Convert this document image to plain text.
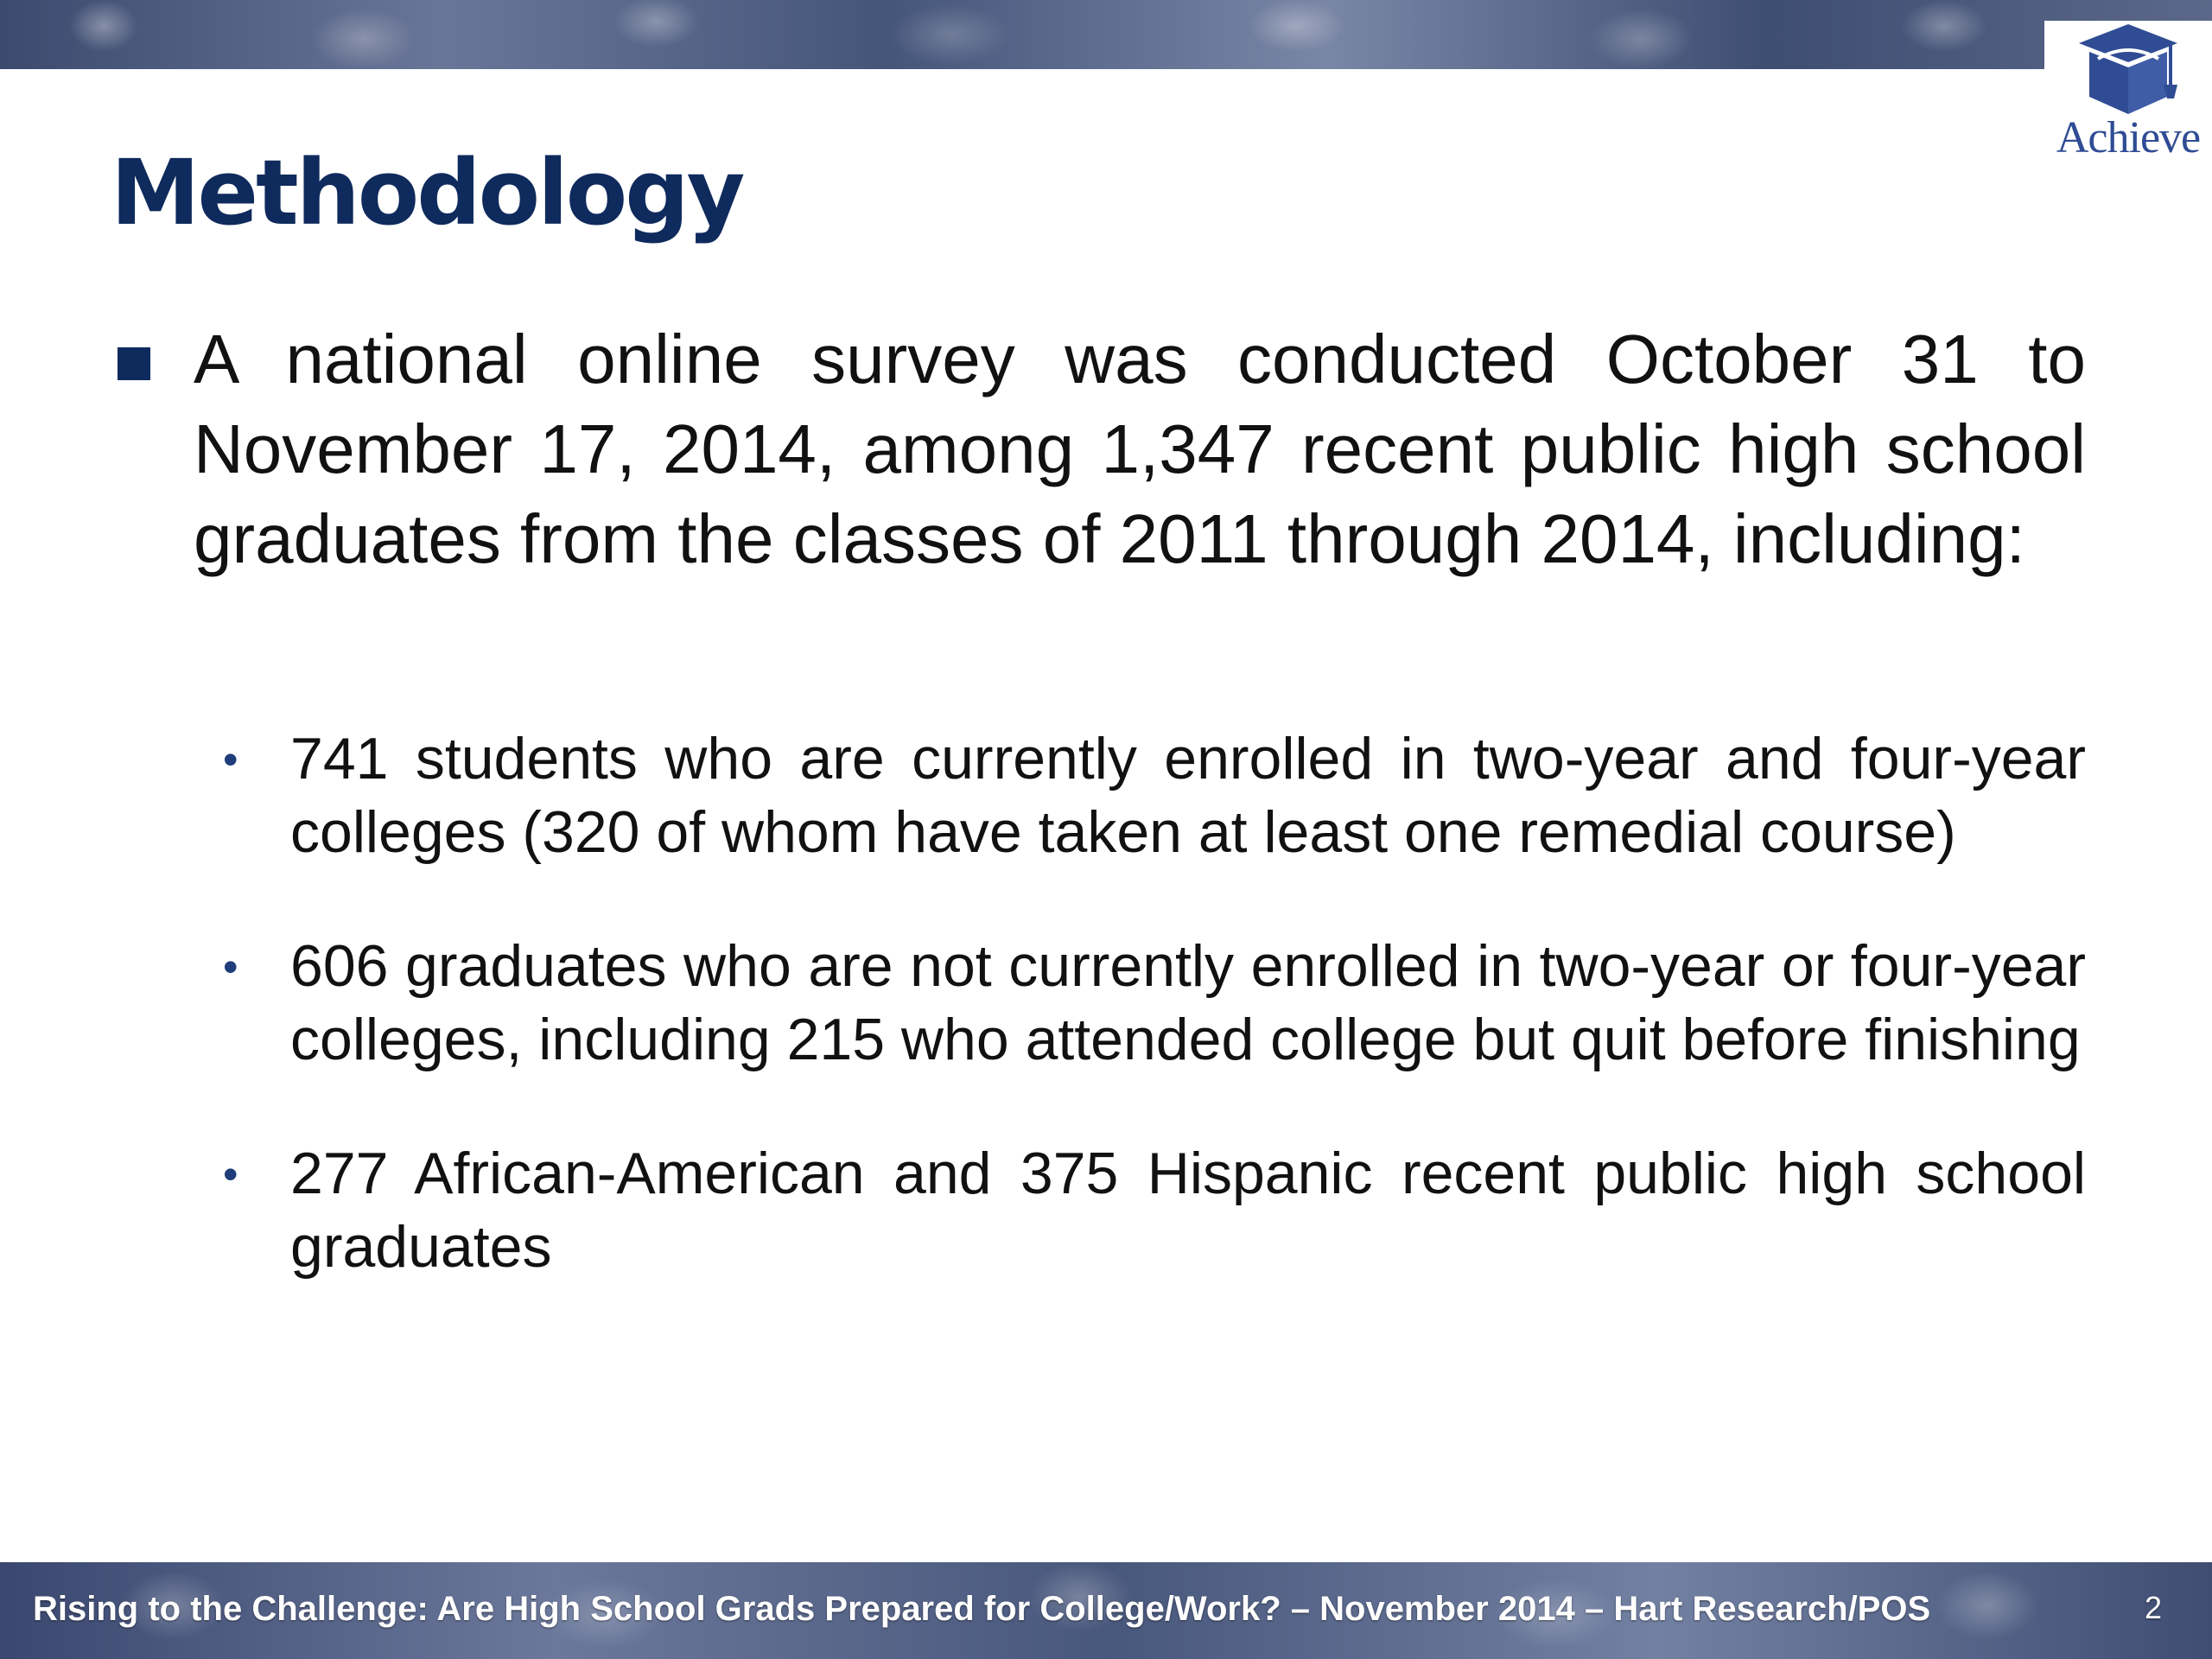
Achieve
Methodology

A national online survey was conducted October 31 to November 17, 2014, among 1,347 recent public high school graduates from the classes of 2011 through 2014, including:

• 741 students who are currently enrolled in two-year and four-year colleges (320 of whom have taken at least one remedial course)
• 606 graduates who are not currently enrolled in two-year or four-year colleges, including 215 who attended college but quit before finishing
• 277 African-American and 375 Hispanic recent public high school graduates
Rising to the Challenge: Are High School Grads Prepared for College/Work? – November 2014 – Hart Research/POS	2
